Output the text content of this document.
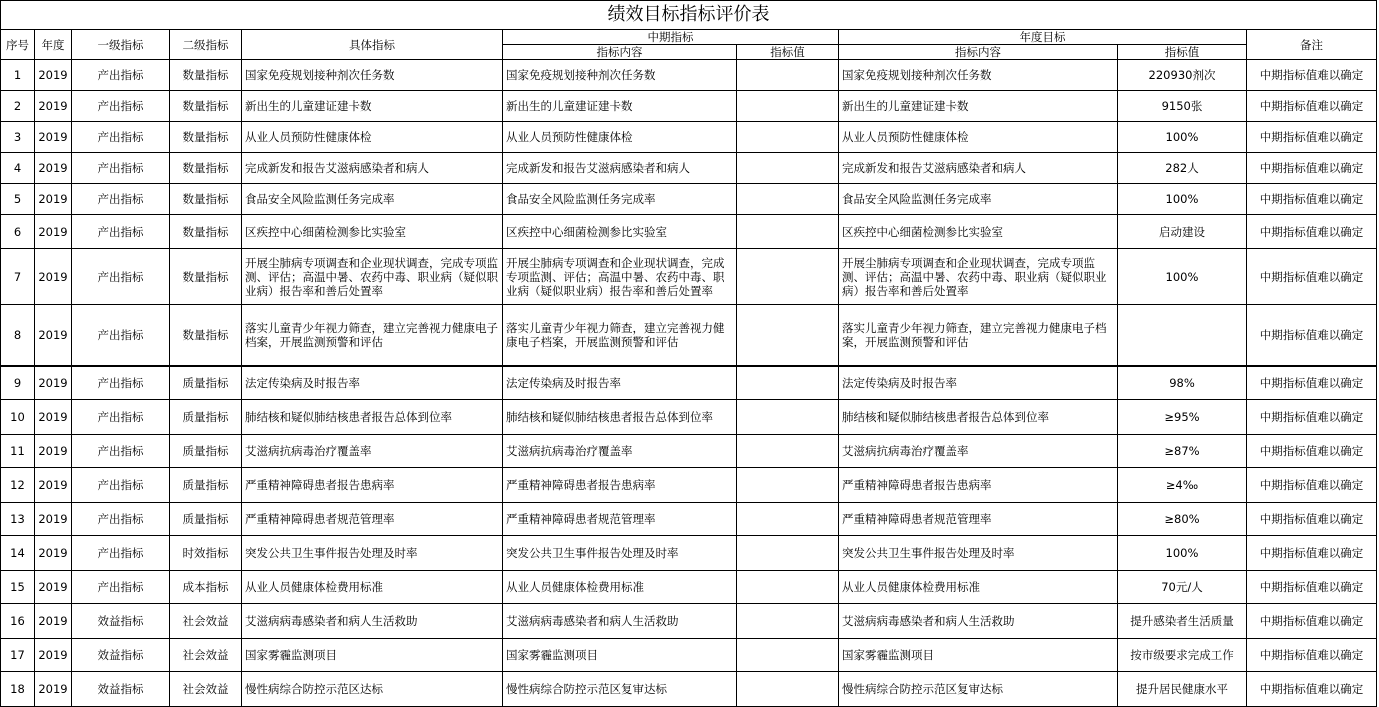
绩效目标指标评价表									
序号	年度	一级指标	二级指标	具体指标	中期指标		年度目标		备注
					指标内容	指标值	指标内容	指标值	
1	2019	产出指标	数量指标	国家免疫规划接种剂次任务数	国家免疫规划接种剂次任务数		国家免疫规划接种剂次任务数	220930剂次	中期指标值难以确定
2	2019	产出指标	数量指标	新出生的儿童建证建卡数	新出生的儿童建证建卡数		新出生的儿童建证建卡数	9150张	中期指标值难以确定
3	2019	产出指标	数量指标	从业人员预防性健康体检	从业人员预防性健康体检		从业人员预防性健康体检	100%	中期指标值难以确定
4	2019	产出指标	数量指标	完成新发和报告艾滋病感染者和病人	完成新发和报告艾滋病感染者和病人		完成新发和报告艾滋病感染者和病人	282人	中期指标值难以确定
5	2019	产出指标	数量指标	食品安全风险监测任务完成率	食品安全风险监测任务完成率		食品安全风险监测任务完成率	100%	中期指标值难以确定
6	2019	产出指标	数量指标	区疾控中心细菌检测参比实验室	区疾控中心细菌检测参比实验室		区疾控中心细菌检测参比实验室	启动建设	中期指标值难以确定
7	2019	产出指标	数量指标	开展尘肺病专项调查和企业现状调查，完成专项监测、评估；高温中暑、农药中毒、职业病（疑似职业病）报告率和善后处置率	开展尘肺病专项调查和企业现状调查，完成专项监测、评估；高温中暑、农药中毒、职业病（疑似职业病）报告率和善后处置率		开展尘肺病专项调查和企业现状调查，完成专项监测、评估；高温中暑、农药中毒、职业病（疑似职业病）报告率和善后处置率	100%	中期指标值难以确定
8	2019	产出指标	数量指标	落实儿童青少年视力筛查，建立完善视力健康电子档案，开展监测预警和评估	落实儿童青少年视力筛查，建立完善视力健康电子档案，开展监测预警和评估		落实儿童青少年视力筛查，建立完善视力健康电子档案，开展监测预警和评估		中期指标值难以确定
9	2019	产出指标	质量指标	法定传染病及时报告率	法定传染病及时报告率		法定传染病及时报告率	98%	中期指标值难以确定
10	2019	产出指标	质量指标	肺结核和疑似肺结核患者报告总体到位率	肺结核和疑似肺结核患者报告总体到位率		肺结核和疑似肺结核患者报告总体到位率	≥95%	中期指标值难以确定
11	2019	产出指标	质量指标	艾滋病抗病毒治疗覆盖率	艾滋病抗病毒治疗覆盖率		艾滋病抗病毒治疗覆盖率	≥87%	中期指标值难以确定
12	2019	产出指标	质量指标	严重精神障碍患者报告患病率	严重精神障碍患者报告患病率		严重精神障碍患者报告患病率	≥4‰	中期指标值难以确定
13	2019	产出指标	质量指标	严重精神障碍患者规范管理率	严重精神障碍患者规范管理率		严重精神障碍患者规范管理率	≥80%	中期指标值难以确定
14	2019	产出指标	时效指标	突发公共卫生事件报告处理及时率	突发公共卫生事件报告处理及时率		突发公共卫生事件报告处理及时率	100%	中期指标值难以确定
15	2019	产出指标	成本指标	从业人员健康体检费用标准	从业人员健康体检费用标准		从业人员健康体检费用标准	70元/人	中期指标值难以确定
16	2019	效益指标	社会效益	艾滋病病毒感染者和病人生活救助	艾滋病病毒感染者和病人生活救助		艾滋病病毒感染者和病人生活救助	提升感染者生活质量	中期指标值难以确定
17	2019	效益指标	社会效益	国家雾霾监测项目	国家雾霾监测项目		国家雾霾监测项目	按市级要求完成工作	中期指标值难以确定
18	2019	效益指标	社会效益	慢性病综合防控示范区达标	慢性病综合防控示范区复审达标		慢性病综合防控示范区复审达标	提升居民健康水平	中期指标值难以确定
